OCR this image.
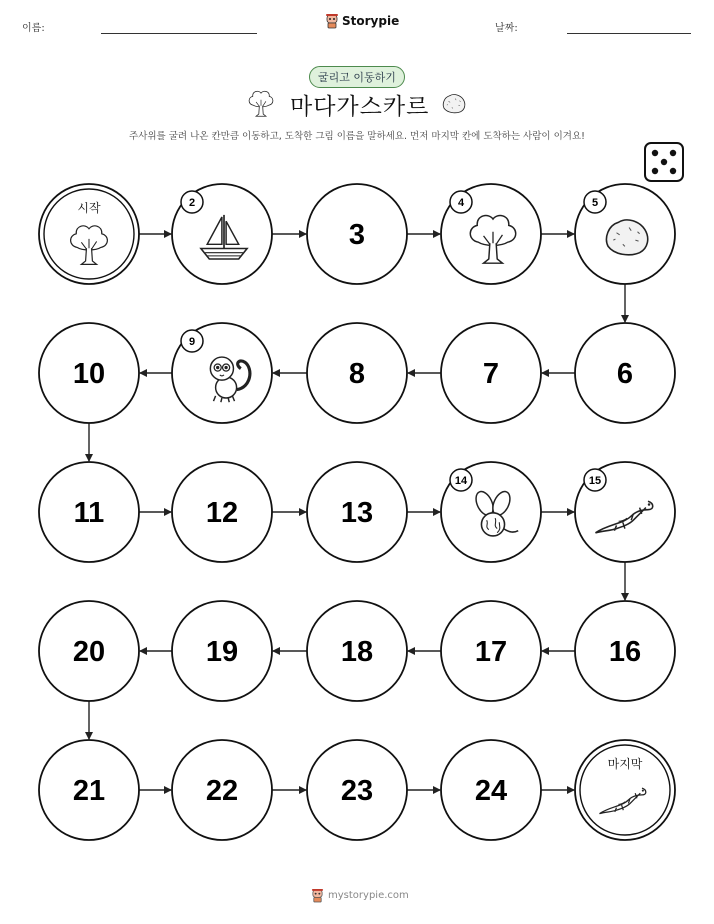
이름:
Storypie
날짜:
굴리고 이동하기
마다가스카르
주사위를 굴려 나온 칸만큼 이동하고, 도착한 그림 이름을 말하세요. 먼저 마지막 칸에 도착하는 사람이 이겨요!
시작	2
3
4	5
6
7
8
9
10
11	12	13
14	15
16
17
18
19
20
21	22	23	24
마지막
mystorypie.com
